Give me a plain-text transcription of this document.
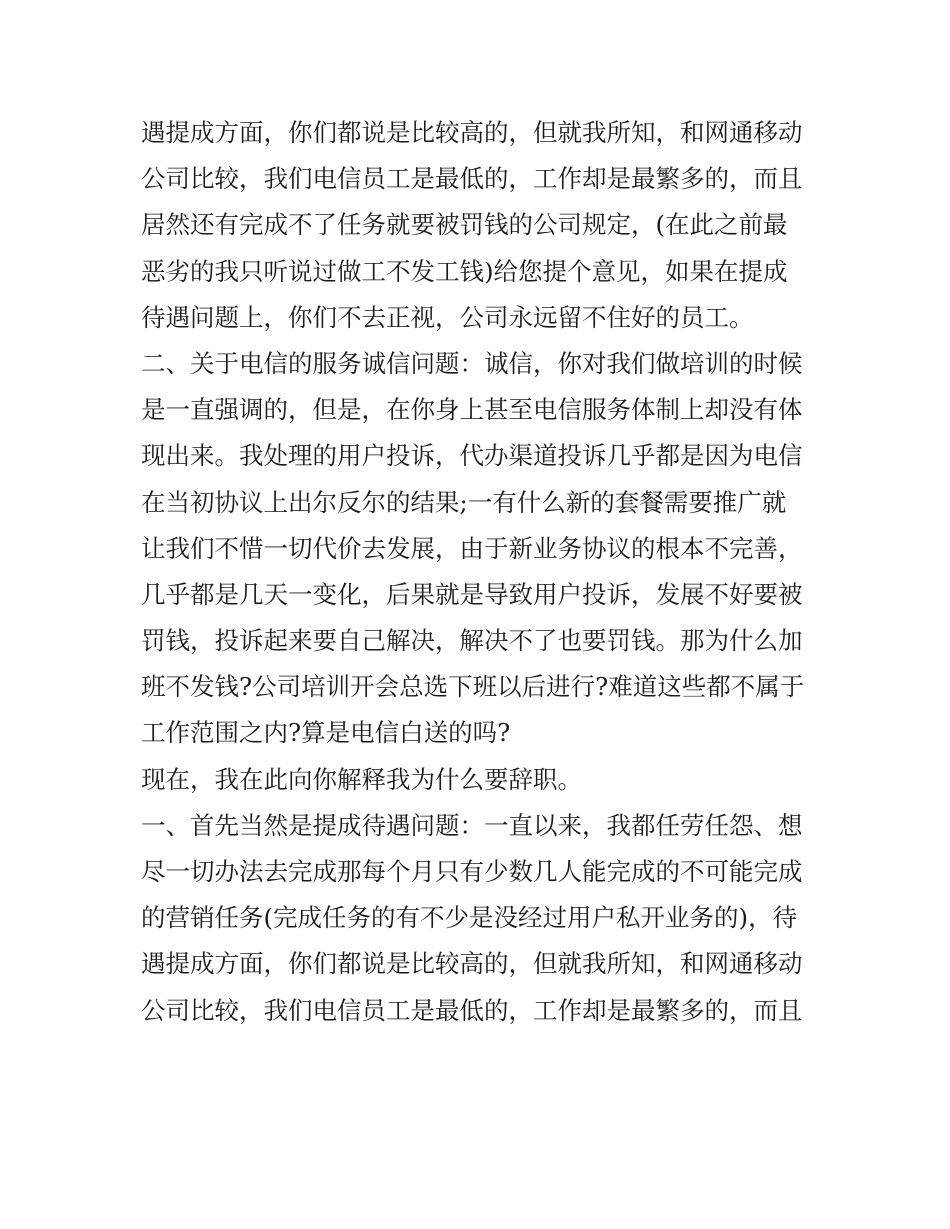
遇提成方面，你们都说是比较高的，但就我所知，和网通移动
公司比较，我们电信员工是最低的，工作却是最繁多的，而且
居然还有完成不了任务就要被罚钱的公司规定，(在此之前最
恶劣的我只听说过做工不发工钱)给您提个意见，如果在提成
待遇问题上，你们不去正视，公司永远留不住好的员工。
二、关于电信的服务诚信问题：诚信，你对我们做培训的时候
是一直强调的，但是，在你身上甚至电信服务体制上却没有体
现出来。我处理的用户投诉，代办渠道投诉几乎都是因为电信
在当初协议上出尔反尔的结果;一有什么新的套餐需要推广就
让我们不惜一切代价去发展，由于新业务协议的根本不完善，
几乎都是几天一变化，后果就是导致用户投诉，发展不好要被
罚钱，投诉起来要自己解决，解决不了也要罚钱。那为什么加
班不发钱?公司培训开会总选下班以后进行?难道这些都不属于
工作范围之内?算是电信白送的吗?
现在，我在此向你解释我为什么要辞职。
一、首先当然是提成待遇问题：一直以来，我都任劳任怨、想
尽一切办法去完成那每个月只有少数几人能完成的不可能完成
的营销任务(完成任务的有不少是没经过用户私开业务的)，待
遇提成方面，你们都说是比较高的，但就我所知，和网通移动
公司比较，我们电信员工是最低的，工作却是最繁多的，而且
